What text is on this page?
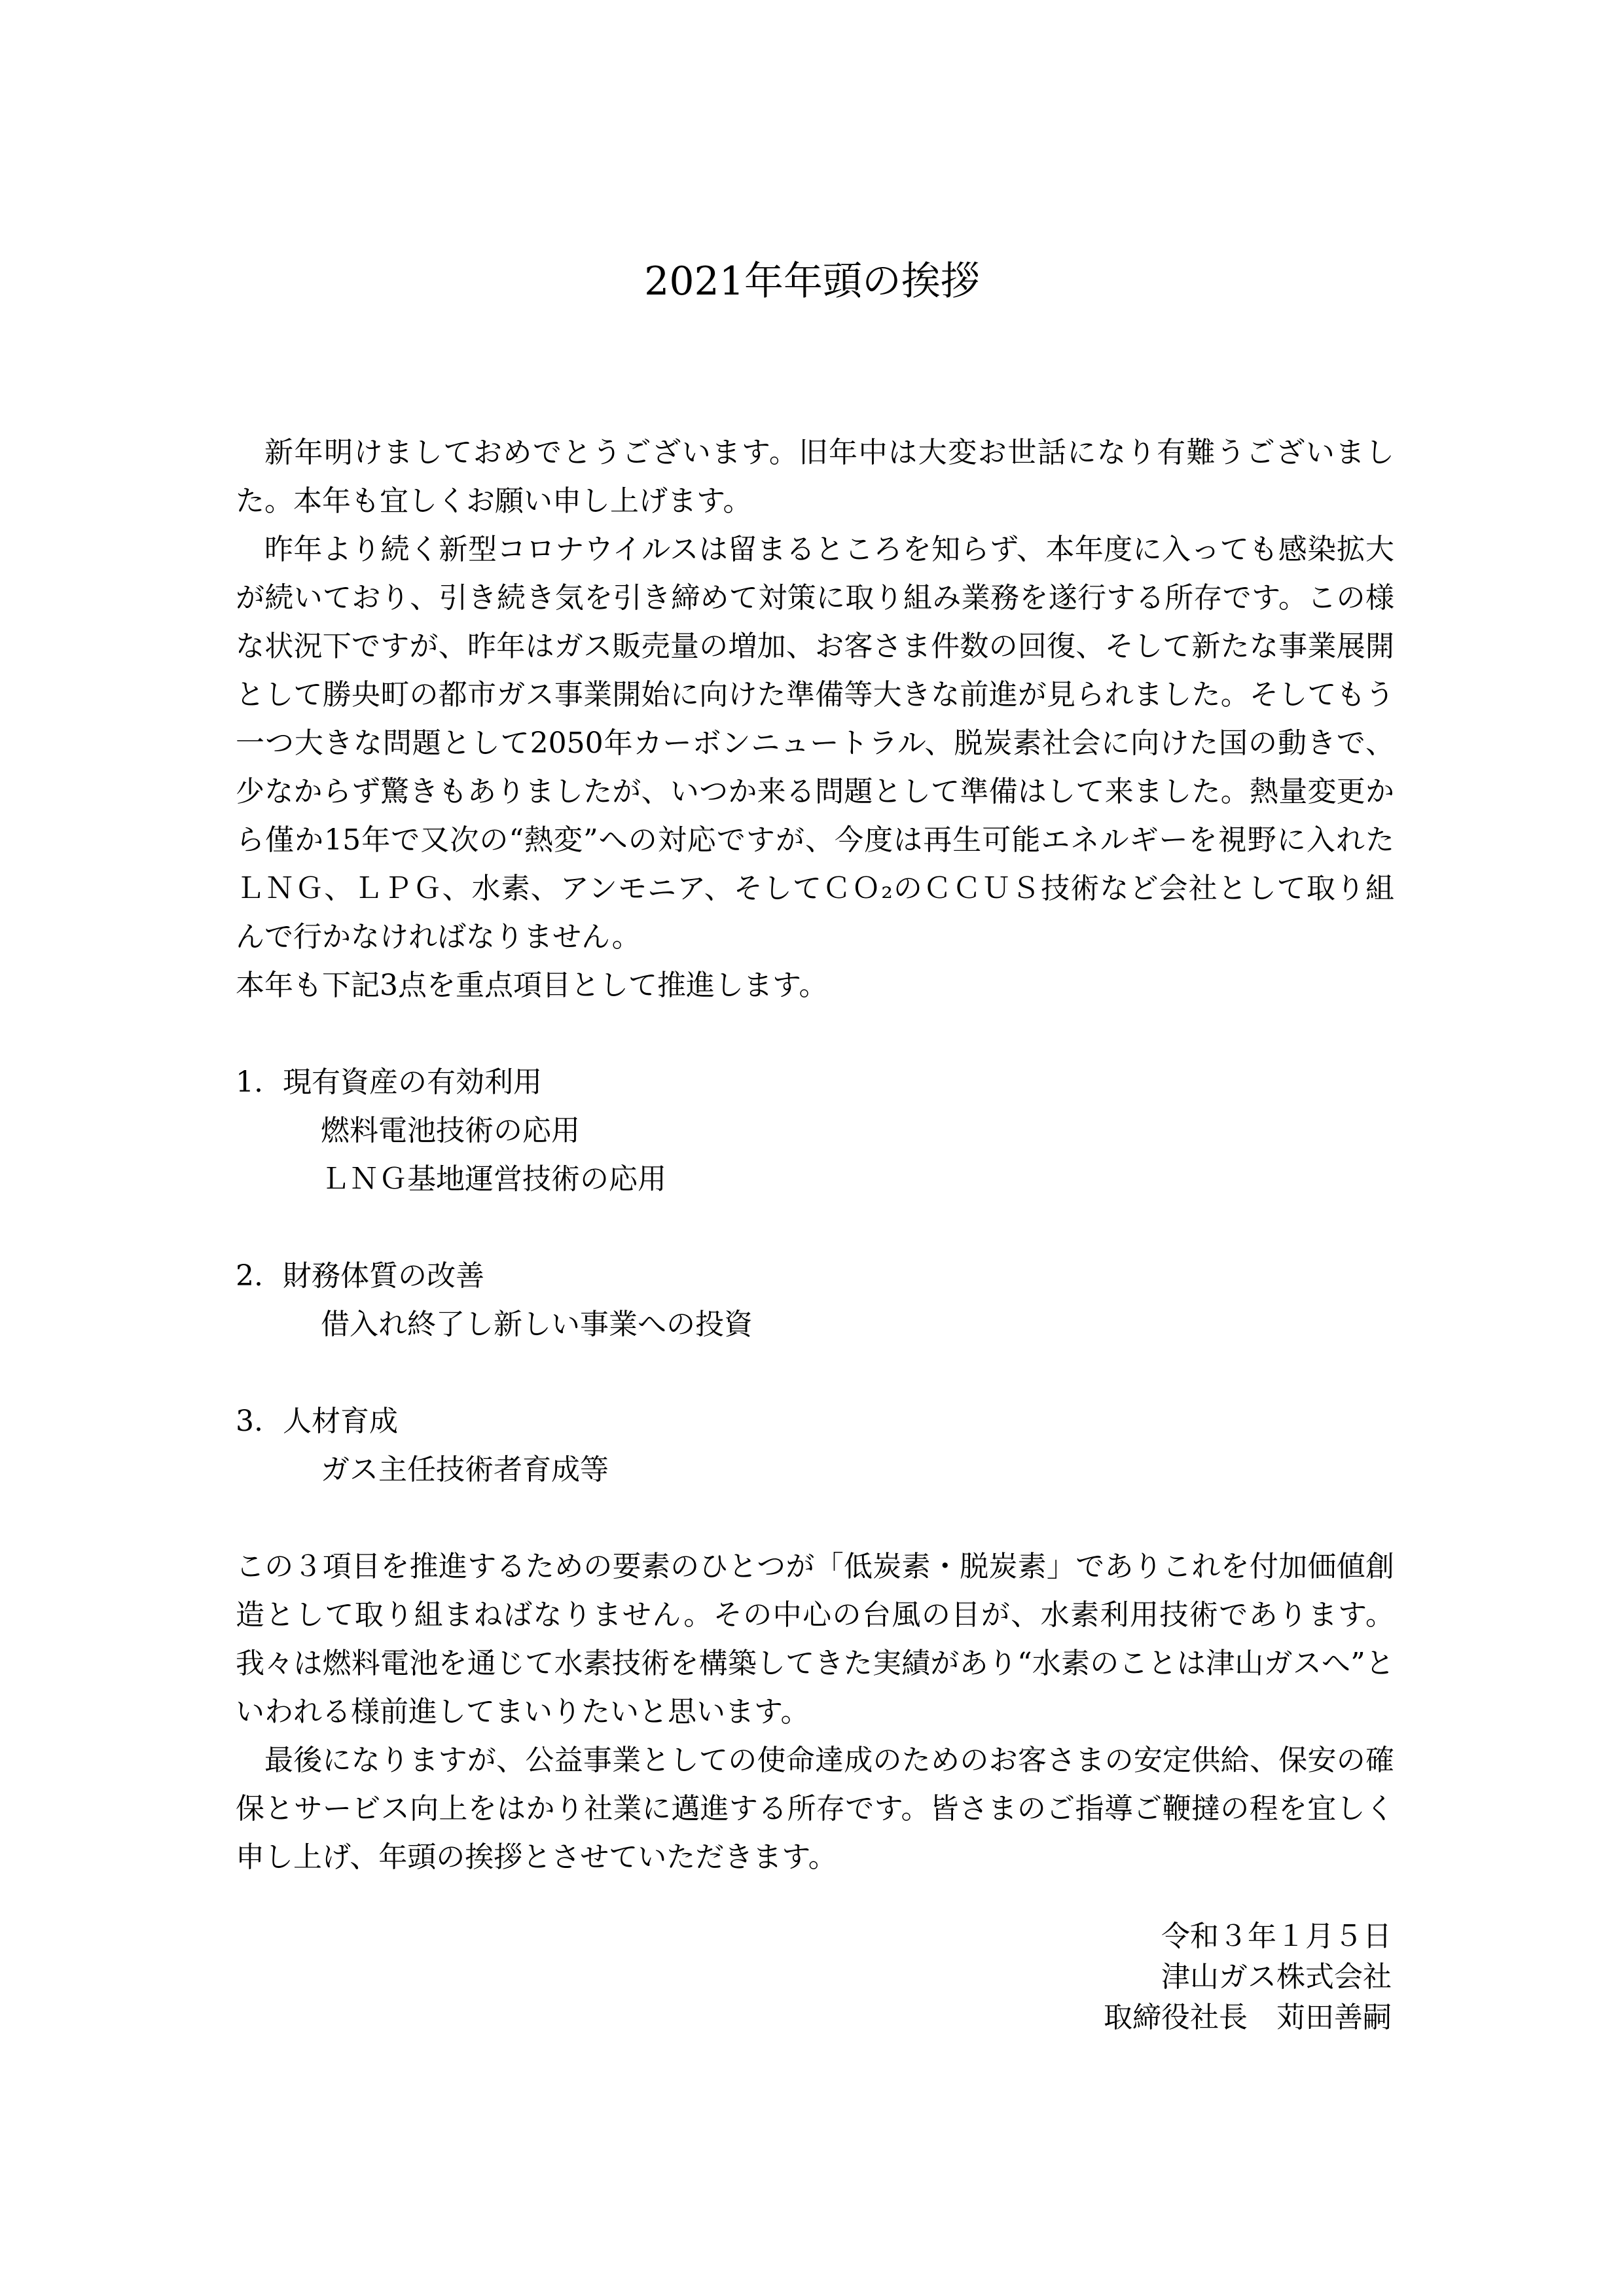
2021年年頭の挨拶

新年明けましておめでとうございます。旧年中は大変お世話になり有難うございました。本年も宜しくお願い申し上げます。

昨年より続く新型コロナウイルスは留まるところを知らず、本年度に入っても感染拡大が続いており、引き続き気を引き締めて対策に取り組み業務を遂行する所存です。この様な状況下ですが、昨年はガス販売量の増加、お客さま件数の回復、そして新たな事業展開として勝央町の都市ガス事業開始に向けた準備等大きな前進が見られました。そしてもう一つ大きな問題として2050年カーボンニュートラル、脱炭素社会に向けた国の動きで、少なからず驚きもありましたが、いつか来る問題として準備はして来ました。熱量変更から僅か15年で又次の“熱変”への対応ですが、今度は再生可能エネルギーを視野に入れたＬＮＧ、ＬＰＧ、水素、アンモニア、そしてＣＯ₂のＣＣＵＳ技術など会社として取り組んで行かなければなりません。

本年も下記3点を重点項目として推進します。

1. 現有資産の有効利用

燃料電池技術の応用

ＬＮＧ基地運営技術の応用

2. 財務体質の改善

借入れ終了し新しい事業への投資

3. 人材育成

ガス主任技術者育成等

この３項目を推進するための要素のひとつが「低炭素・脱炭素」でありこれを付加価値創造として取り組まねばなりません。その中心の台風の目が、水素利用技術であります。我々は燃料電池を通じて水素技術を構築してきた実績があり“水素のことは津山ガスへ”といわれる様前進してまいりたいと思います。

最後になりますが、公益事業としての使命達成のためのお客さまの安定供給、保安の確保とサービス向上をはかり社業に邁進する所存です。皆さまのご指導ご鞭撻の程を宜しく申し上げ、年頭の挨拶とさせていただきます。

令和３年１月５日
津山ガス株式会社
取締役社長　苅田善嗣
